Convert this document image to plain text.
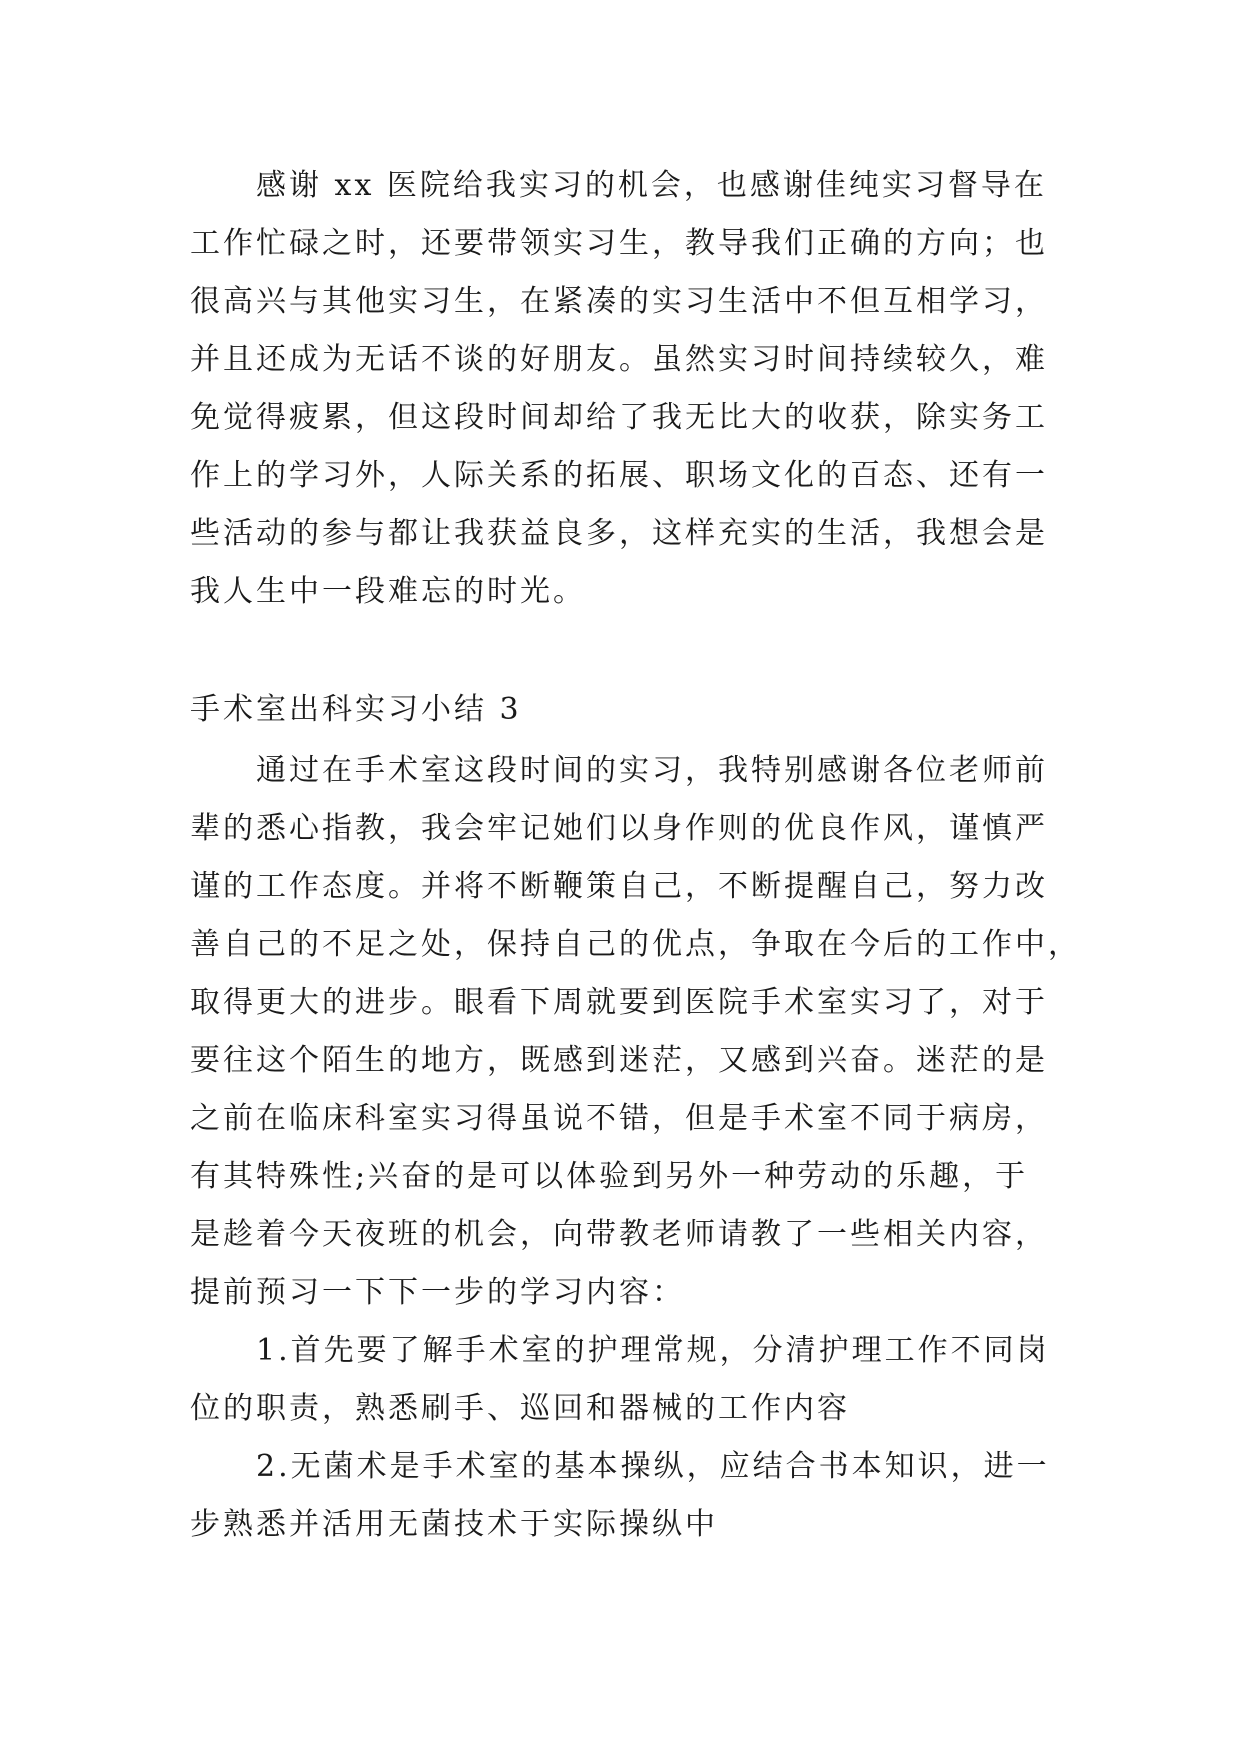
感谢 xx 医院给我实习的机会，也感谢佳纯实习督导在
工作忙碌之时，还要带领实习生，教导我们正确的方向；也
很高兴与其他实习生，在紧凑的实习生活中不但互相学习，
并且还成为无话不谈的好朋友。虽然实习时间持续较久，难
免觉得疲累，但这段时间却给了我无比大的收获，除实务工
作上的学习外，人际关系的拓展、职场文化的百态、还有一
些活动的参与都让我获益良多，这样充实的生活，我想会是
我人生中一段难忘的时光。
手术室出科实习小结 3
通过在手术室这段时间的实习，我特别感谢各位老师前
辈的悉心指教，我会牢记她们以身作则的优良作风，谨慎严
谨的工作态度。并将不断鞭策自己，不断提醒自己，努力改
善自己的不足之处，保持自己的优点，争取在今后的工作中，
取得更大的进步。眼看下周就要到医院手术室实习了，对于
要往这个陌生的地方，既感到迷茫，又感到兴奋。迷茫的是
之前在临床科室实习得虽说不错，但是手术室不同于病房，
有其特殊性;兴奋的是可以体验到另外一种劳动的乐趣，于
是趁着今天夜班的机会，向带教老师请教了一些相关内容，
提前预习一下下一步的学习内容：
1.首先要了解手术室的护理常规，分清护理工作不同岗
位的职责，熟悉刷手、巡回和器械的工作内容
2.无菌术是手术室的基本操纵，应结合书本知识，进一
步熟悉并活用无菌技术于实际操纵中
